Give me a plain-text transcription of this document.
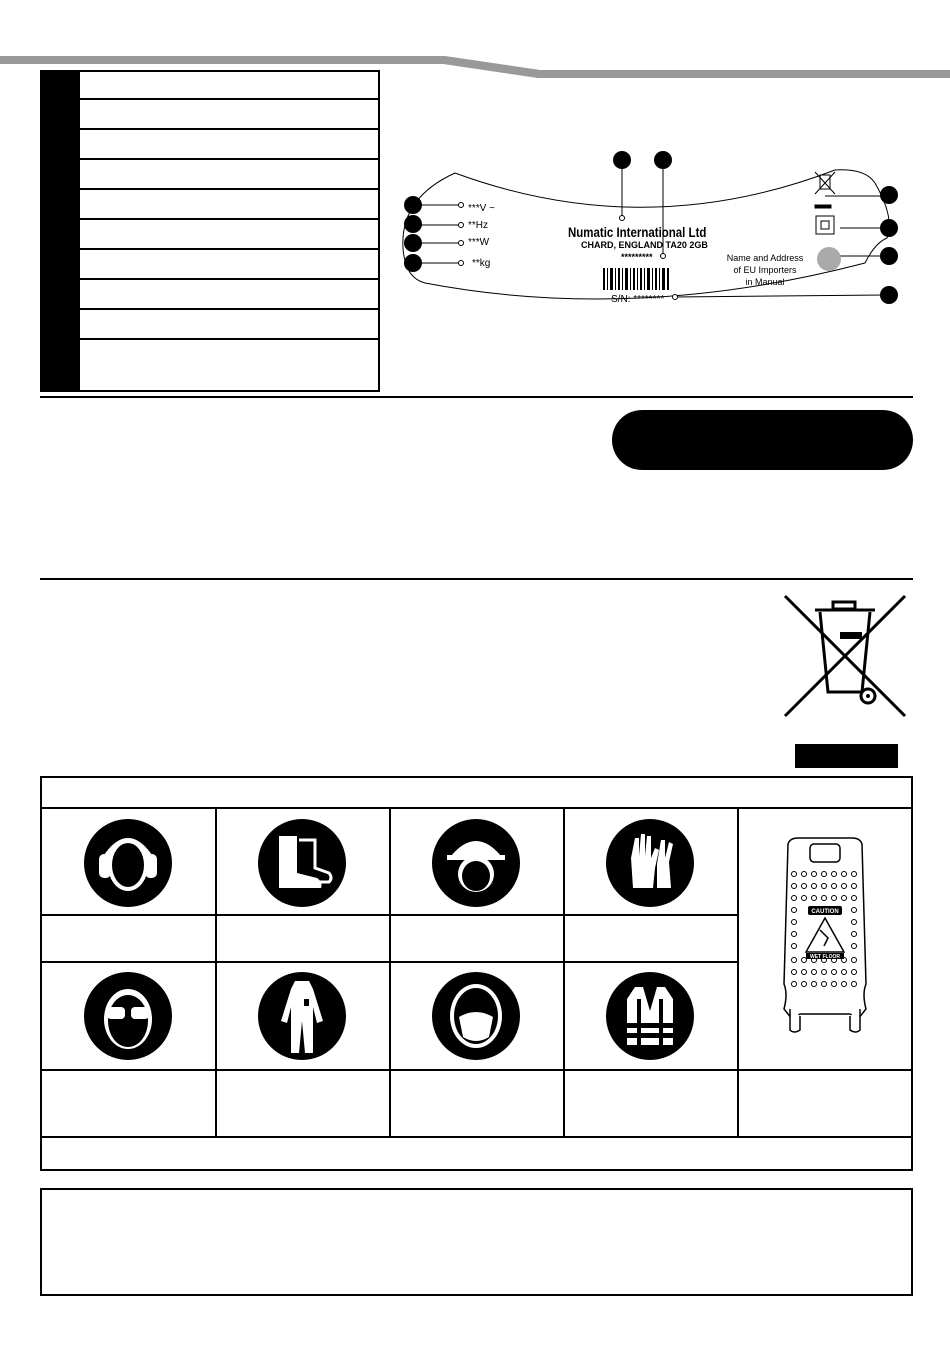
***V ~
**Hz
***W
**kg
Numatic International Ltd
CHARD, ENGLAND TA20 2GB
*********
S/N: ********
Name and Address
of EU Importers
in Manual
CAUTION
WET FLOOR
